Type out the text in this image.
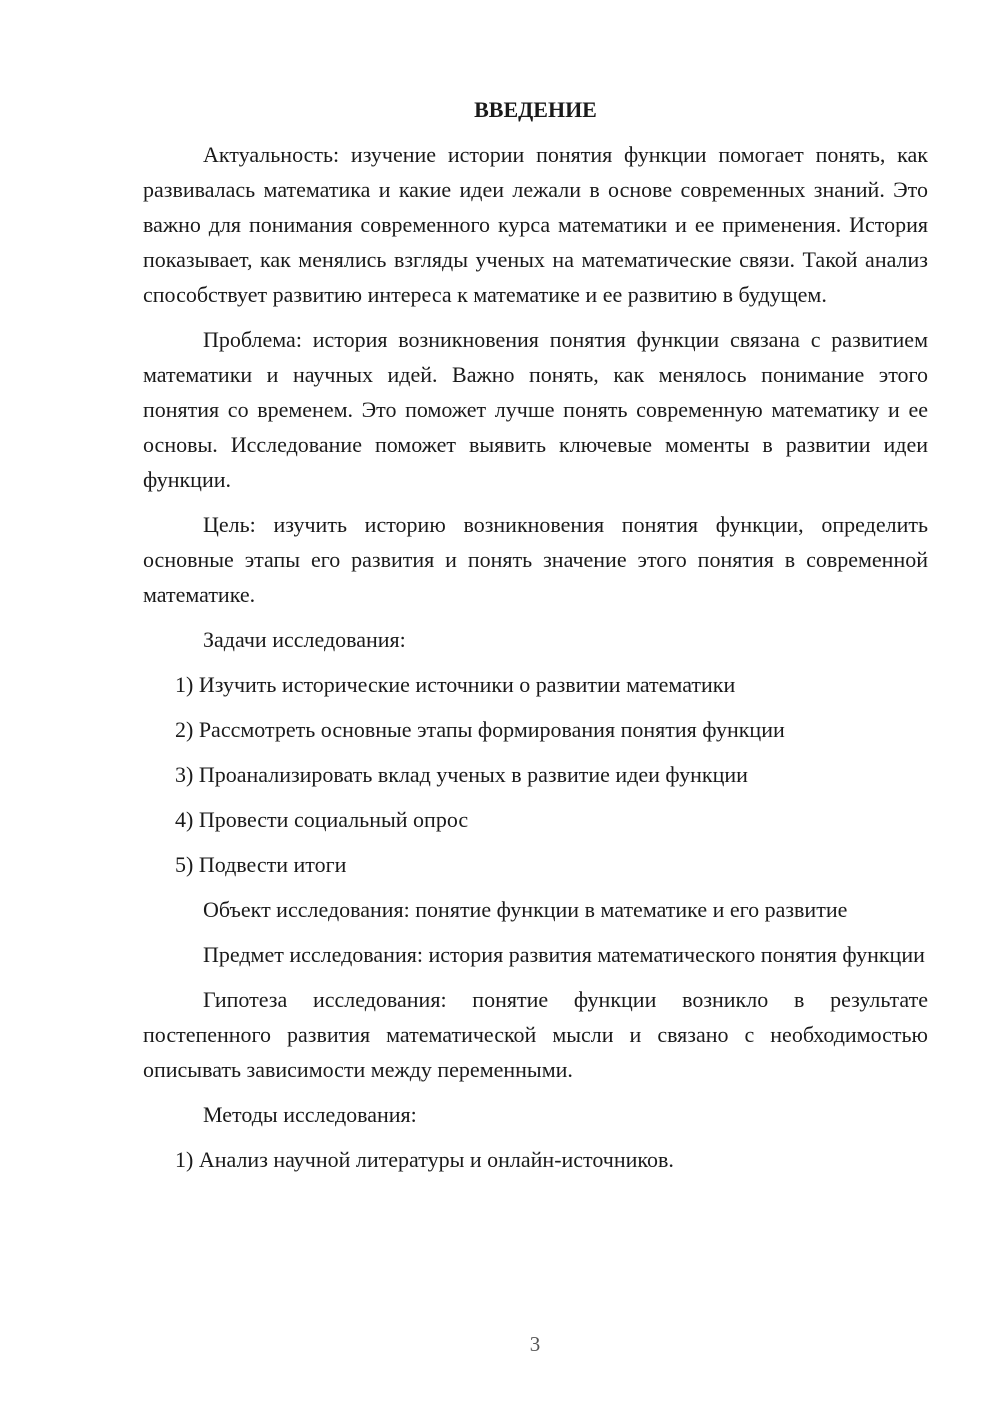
ВВЕДЕНИЕ
Актуальность: изучение истории понятия функции помогает понять, как развивалась математика и какие идеи лежали в основе современных знаний. Это важно для понимания современного курса математики и ее применения. История показывает, как менялись взгляды ученых на математические связи. Такой анализ способствует развитию интереса к математике и ее развитию в будущем.
Проблема: история возникновения понятия функции связана с развитием математики и научных идей. Важно понять, как менялось понимание этого понятия со временем. Это поможет лучше понять современную математику и ее основы. Исследование поможет выявить ключевые моменты в развитии идеи функции.
Цель: изучить историю возникновения понятия функции, определить основные этапы его развития и понять значение этого понятия в современной математике.
Задачи исследования:
1) Изучить исторические источники о развитии математики
2) Рассмотреть основные этапы формирования понятия функции
3) Проанализировать вклад ученых в развитие идеи функции
4) Провести социальный опрос
5) Подвести итоги
Объект исследования: понятие функции в математике и его развитие
Предмет исследования: история развития математического понятия функции
Гипотеза исследования: понятие функции возникло в результате постепенного развития математической мысли и связано с необходимостью описывать зависимости между переменными.
Методы исследования:
1) Анализ научной литературы и онлайн-источников.
3
